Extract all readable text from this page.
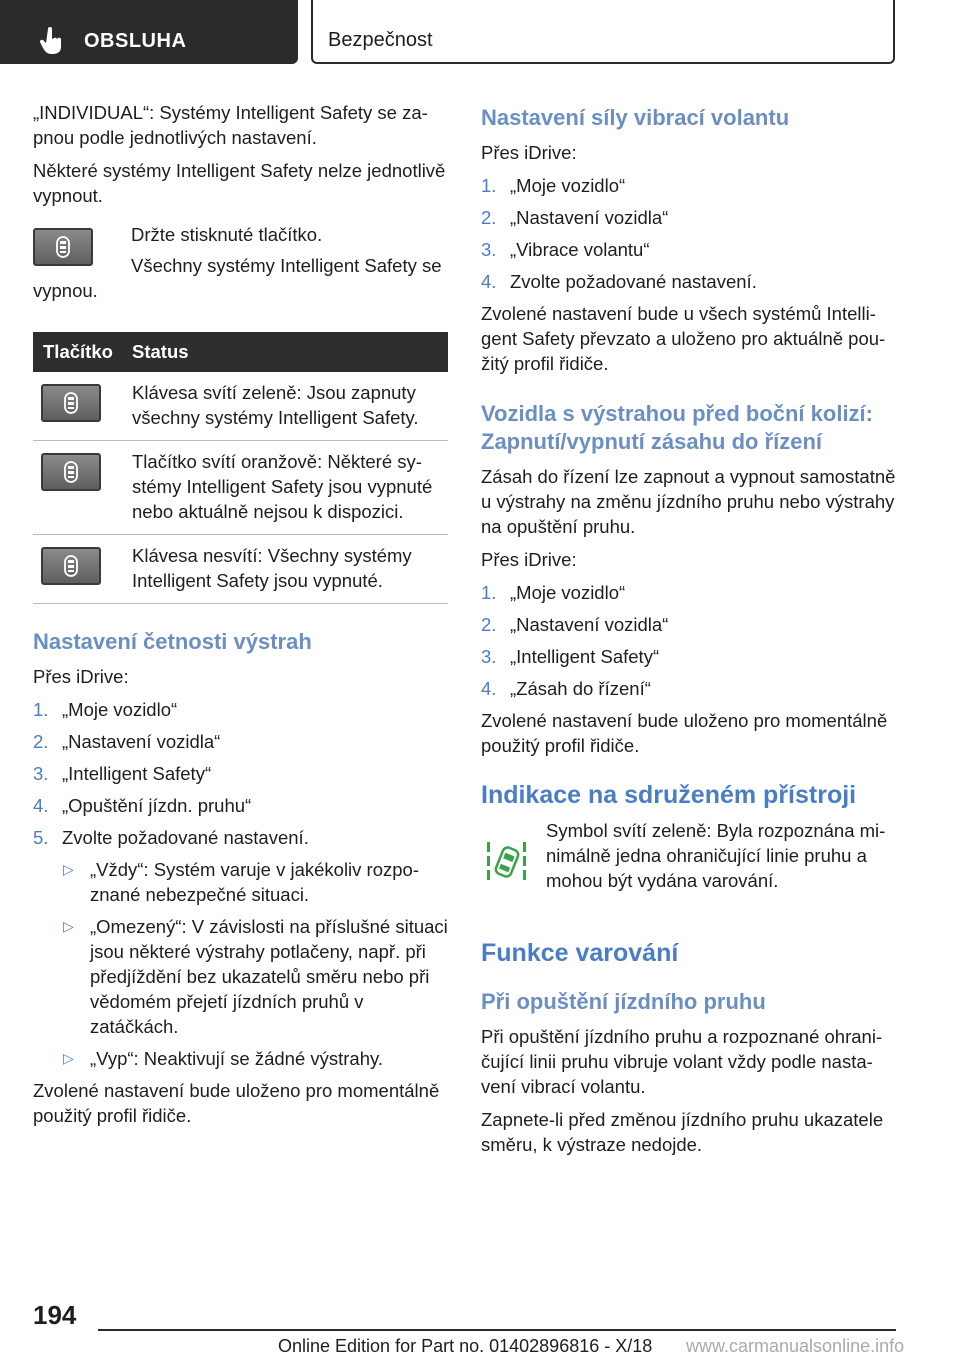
OBSLUHA	Bezpečnost

„INDIVIDUAL“: Systémy Intelligent Safety se zapnou podle jednotlivých nastavení.

Některé systémy Intelligent Safety nelze jednotlivě vypnout.

Držte stisknuté tlačítko.
Všechny systémy Intelligent Safety se vypnou.
Tlačítko	Status

	Klávesa svítí zeleně: Jsou zapnuty všechny systémy Intelligent Safety.

	Tlačítko svítí oranžově: Některé systémy Intelligent Safety jsou vypnuté nebo aktuálně nejsou k dispozici.

	Klávesa nesvítí: Všechny systémy Intelligent Safety jsou vypnuté.
Nastavení četnosti výstrah

Přes iDrive:

1. „Moje vozidlo“
2. „Nastavení vozidla“
3. „Intelligent Safety“
4. „Opuštění jízdn. pruhu“
5. Zvolte požadované nastavení.
▷ „Vždy“: Systém varuje v jakékoliv rozpoznané nebezpečné situaci.
▷ „Omezený“: V závislosti na příslušné situaci jsou některé výstrahy potlačeny, např. při předjíždění bez ukazatelů směru nebo při vědomém přejetí jízdních pruhů v zatáčkách.
▷ „Vyp“: Neaktivují se žádné výstrahy.

Zvolené nastavení bude uloženo pro momentálně použitý profil řidiče.

Nastavení síly vibrací volantu

Přes iDrive:

1. „Moje vozidlo“
2. „Nastavení vozidla“
3. „Vibrace volantu“
4. Zvolte požadované nastavení.

Zvolené nastavení bude u všech systémů Intelligent Safety převzato a uloženo pro aktuálně použitý profil řidiče.

Vozidla s výstrahou před boční kolizí: Zapnutí/vypnutí zásahu do řízení

Zásah do řízení lze zapnout a vypnout samostatně u výstrahy na změnu jízdního pruhu nebo výstrahy na opuštění pruhu.

Přes iDrive:

1. „Moje vozidlo“
2. „Nastavení vozidla“
3. „Intelligent Safety“
4. „Zásah do řízení“

Zvolené nastavení bude uloženo pro momentálně použitý profil řidiče.

Indikace na sdruženém přístroji
Symbol svítí zeleně: Byla rozpoznána minimálně jedna ohraničující linie pruhu a mohou být vydána varování.
Funkce varování
Při opuštění jízdního pruhu

Při opuštění jízdního pruhu a rozpoznané ohraničující linii pruhu vibruje volant vždy podle nastavení vibrací volantu.

Zapnete-li před změnou jízdního pruhu ukazatele směru, k výstraze nedojde.

194
Online Edition for Part no. 01402896816 - X/18 www.carmanualsonline.info
